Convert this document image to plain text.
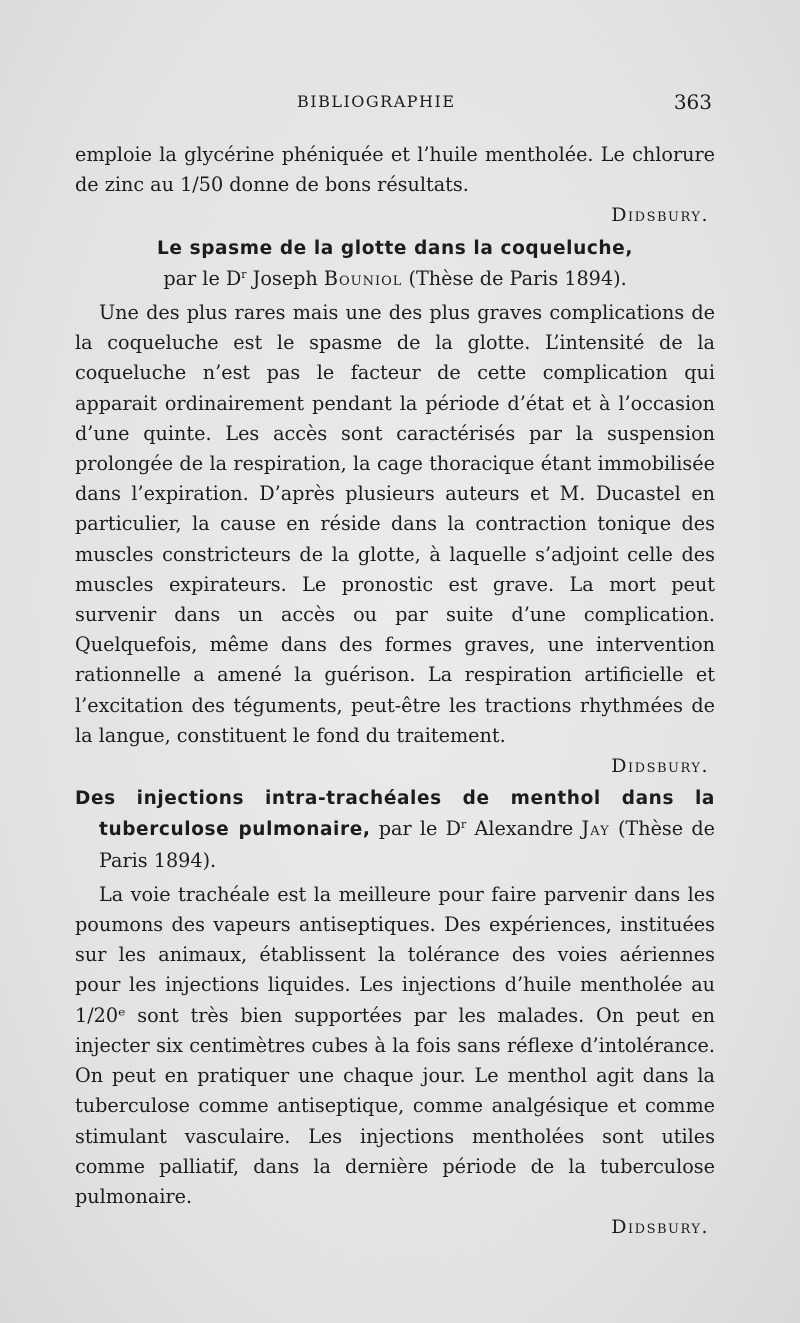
BIBLIOGRAPHIE	363

emploie la glycérine phéniquée et l’huile mentholée. Le chlorure de zinc au 1/50 donne de bons résultats.

Didsbury.

Le spasme de la glotte dans la coqueluche,

par le $D^r$ Joseph Bouniol (Thèse de Paris 1894).

Une des plus rares mais une des plus graves complications de la coqueluche est le spasme de la glotte. L’intensité de la coqueluche n’est pas le facteur de cette complication qui apparait ordinairement pendant la période d’état et à l’occasion d’une quinte. Les accès sont caractérisés par la suspension prolongée de la respiration, la cage thoracique étant immobilisée dans l’expiration. D’après plusieurs auteurs et M. Ducastel en particulier, la cause en réside dans la contraction tonique des muscles constricteurs de la glotte, à laquelle s’adjoint celle des muscles expirateurs. Le pronostic est grave. La mort peut survenir dans un accès ou par suite d’une complication. Quelquefois, même dans des formes graves, une intervention rationnelle a amené la guérison. La respiration artificielle et l’excitation des téguments, peut-être les tractions rhythmées de la langue, constituent le fond du traitement.

Didsbury.

Des injections intra-trachéales de menthol dans la tuberculose pulmonaire, par le $D^r$ Alexandre Jay (Thèse de Paris 1894).

La voie trachéale est la meilleure pour faire parvenir dans les poumons des vapeurs antiseptiques. Des expériences, instituées sur les animaux, établissent la tolérance des voies aériennes pour les injections liquides. Les injections d’huile mentholée au 1/20ᵉ sont très bien supportées par les malades. On peut en injecter six centimètres cubes à la fois sans réflexe d’intolérance. On peut en pratiquer une chaque jour. Le menthol agit dans la tuberculose comme antiseptique, comme analgésique et comme stimulant vasculaire. Les injections mentholées sont utiles comme palliatif, dans la dernière période de la tuberculose pulmonaire.

Didsbury.
